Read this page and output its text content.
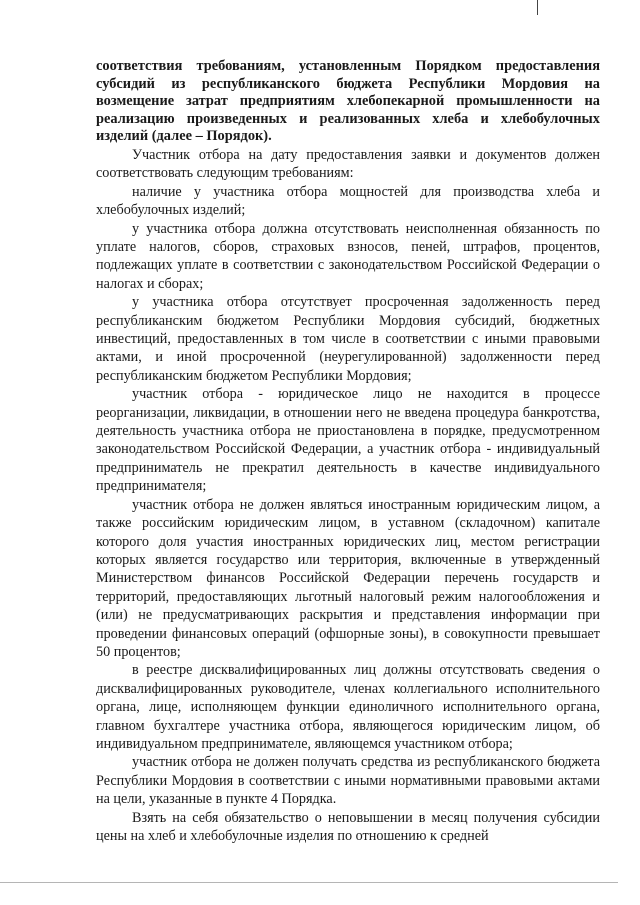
соответствия требованиям, установленным Порядком предоставления субсидий из республиканского бюджета Республики Мордовия на возмещение затрат предприятиям хлебопекарной промышленности на реализацию произведенных и реализованных хлеба и хлебобулочных изделий (далее – Порядок).

Участник отбора на дату предоставления заявки и документов должен соответствовать следующим требованиям:

наличие у участника отбора мощностей для производства хлеба и хлебобулочных изделий;

у участника отбора должна отсутствовать неисполненная обязанность по уплате налогов, сборов, страховых взносов, пеней, штрафов, процентов, подлежащих уплате в соответствии с законодательством Российской Федерации о налогах и сборах;

у участника отбора отсутствует просроченная задолженность перед республиканским бюджетом Республики Мордовия субсидий, бюджетных инвестиций, предоставленных в том числе в соответствии с иными правовыми актами, и иной просроченной (неурегулированной) задолженности перед республиканским бюджетом Республики Мордовия;

участник отбора - юридическое лицо не находится в процессе реорганизации, ликвидации, в отношении него не введена процедура банкротства, деятельность участника отбора не приостановлена в порядке, предусмотренном законодательством Российской Федерации, а участник отбора - индивидуальный предприниматель не прекратил деятельность в качестве индивидуального предпринимателя;

участник отбора не должен являться иностранным юридическим лицом, а также российским юридическим лицом, в уставном (складочном) капитале которого доля участия иностранных юридических лиц, местом регистрации которых является государство или территория, включенные в утвержденный Министерством финансов Российской Федерации перечень государств и территорий, предоставляющих льготный налоговый режим налогообложения и (или) не предусматривающих раскрытия и представления информации при проведении финансовых операций (офшорные зоны), в совокупности превышает 50 процентов;

в реестре дисквалифицированных лиц должны отсутствовать сведения о дисквалифицированных руководителе, членах коллегиального исполнительного органа, лице, исполняющем функции единоличного исполнительного органа, главном бухгалтере участника отбора, являющегося юридическим лицом, об индивидуальном предпринимателе, являющемся участником отбора;

участник отбора не должен получать средства из республиканского бюджета Республики Мордовия в соответствии с иными нормативными правовыми актами на цели, указанные в пункте 4 Порядка.

Взять на себя обязательство о неповышении в месяц получения субсидии цены на хлеб и хлебобулочные изделия по отношению к средней
